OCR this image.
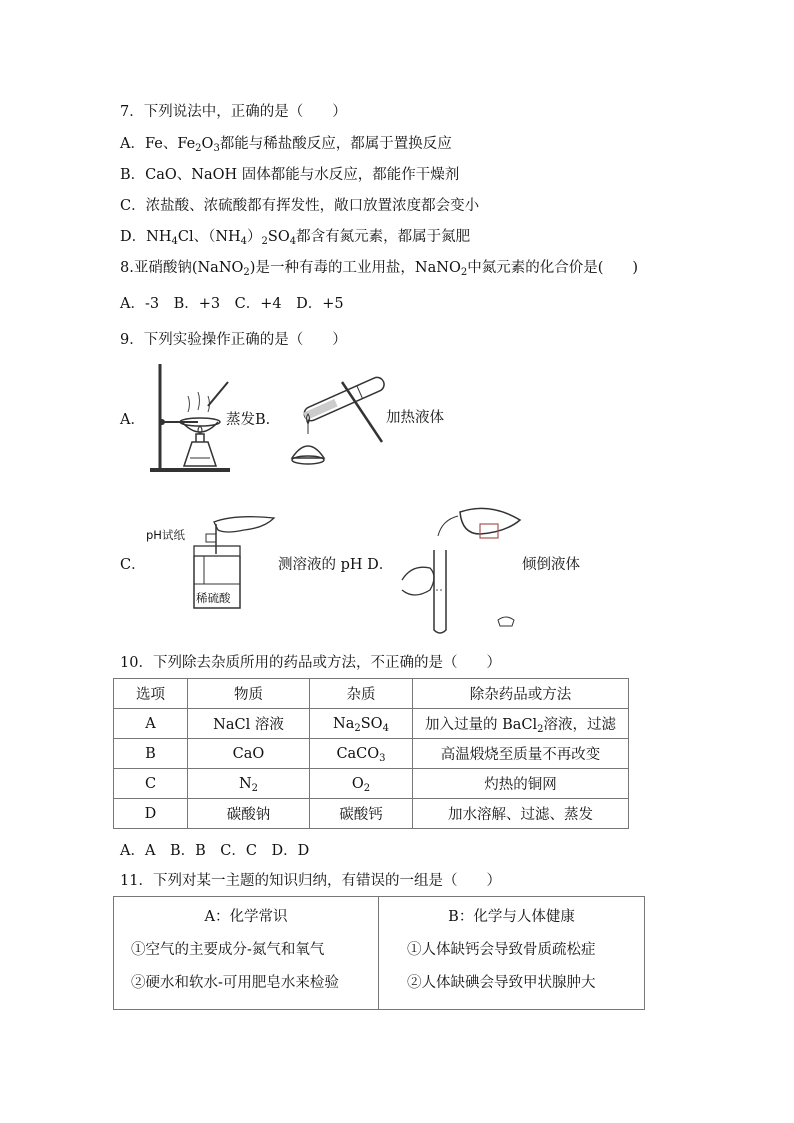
7．下列说法中，正确的是（　　）
A．Fe、$Fe_2O_3$都能与稀盐酸反应，都属于置换反应
B．CaO、NaOH 固体都能与水反应，都能作干燥剂
C．浓盐酸、浓硫酸都有挥发性，敞口放置浓度都会变小
D．$NH_4Cl$、$(NH_4)_2SO_4$都含有氮元素，都属于氮肥
8.亚硝酸钠(NaNO$_2$)是一种有毒的工业用盐，NaNO$_2$中氮元素的化合价是(　　)
A．-3　B．+3　C．+4　D．+5
9．下列实验操作正确的是（　　）
A．	蒸发B．	加热液体
C．
pH试纸
稀硫酸
测溶液的 pH D．	倾倒液体
10．下列除去杂质所用的药品或方法，不正确的是（　　）
选项	物质	杂质	除杂药品或方法
A	NaCl 溶液	$Na_2SO_4$	加入过量的 BaCl$_2$溶液，过滤
B	CaO	CaCO$_3$	高温煅烧至质量不再改变
C	$N_2$	$O_2$	灼热的铜网
D	碳酸钠	碳酸钙	加水溶解、过滤、蒸发
A．A　B．B　C．C　D．D
11．下列对某一主题的知识归纳，有错误的一组是（　　）
A：化学常识
①空气的主要成分-氮气和氧气
②硬水和软水-可用肥皂水来检验

B：化学与人体健康
①人体缺钙会导致骨质疏松症
②人体缺碘会导致甲状腺肿大
